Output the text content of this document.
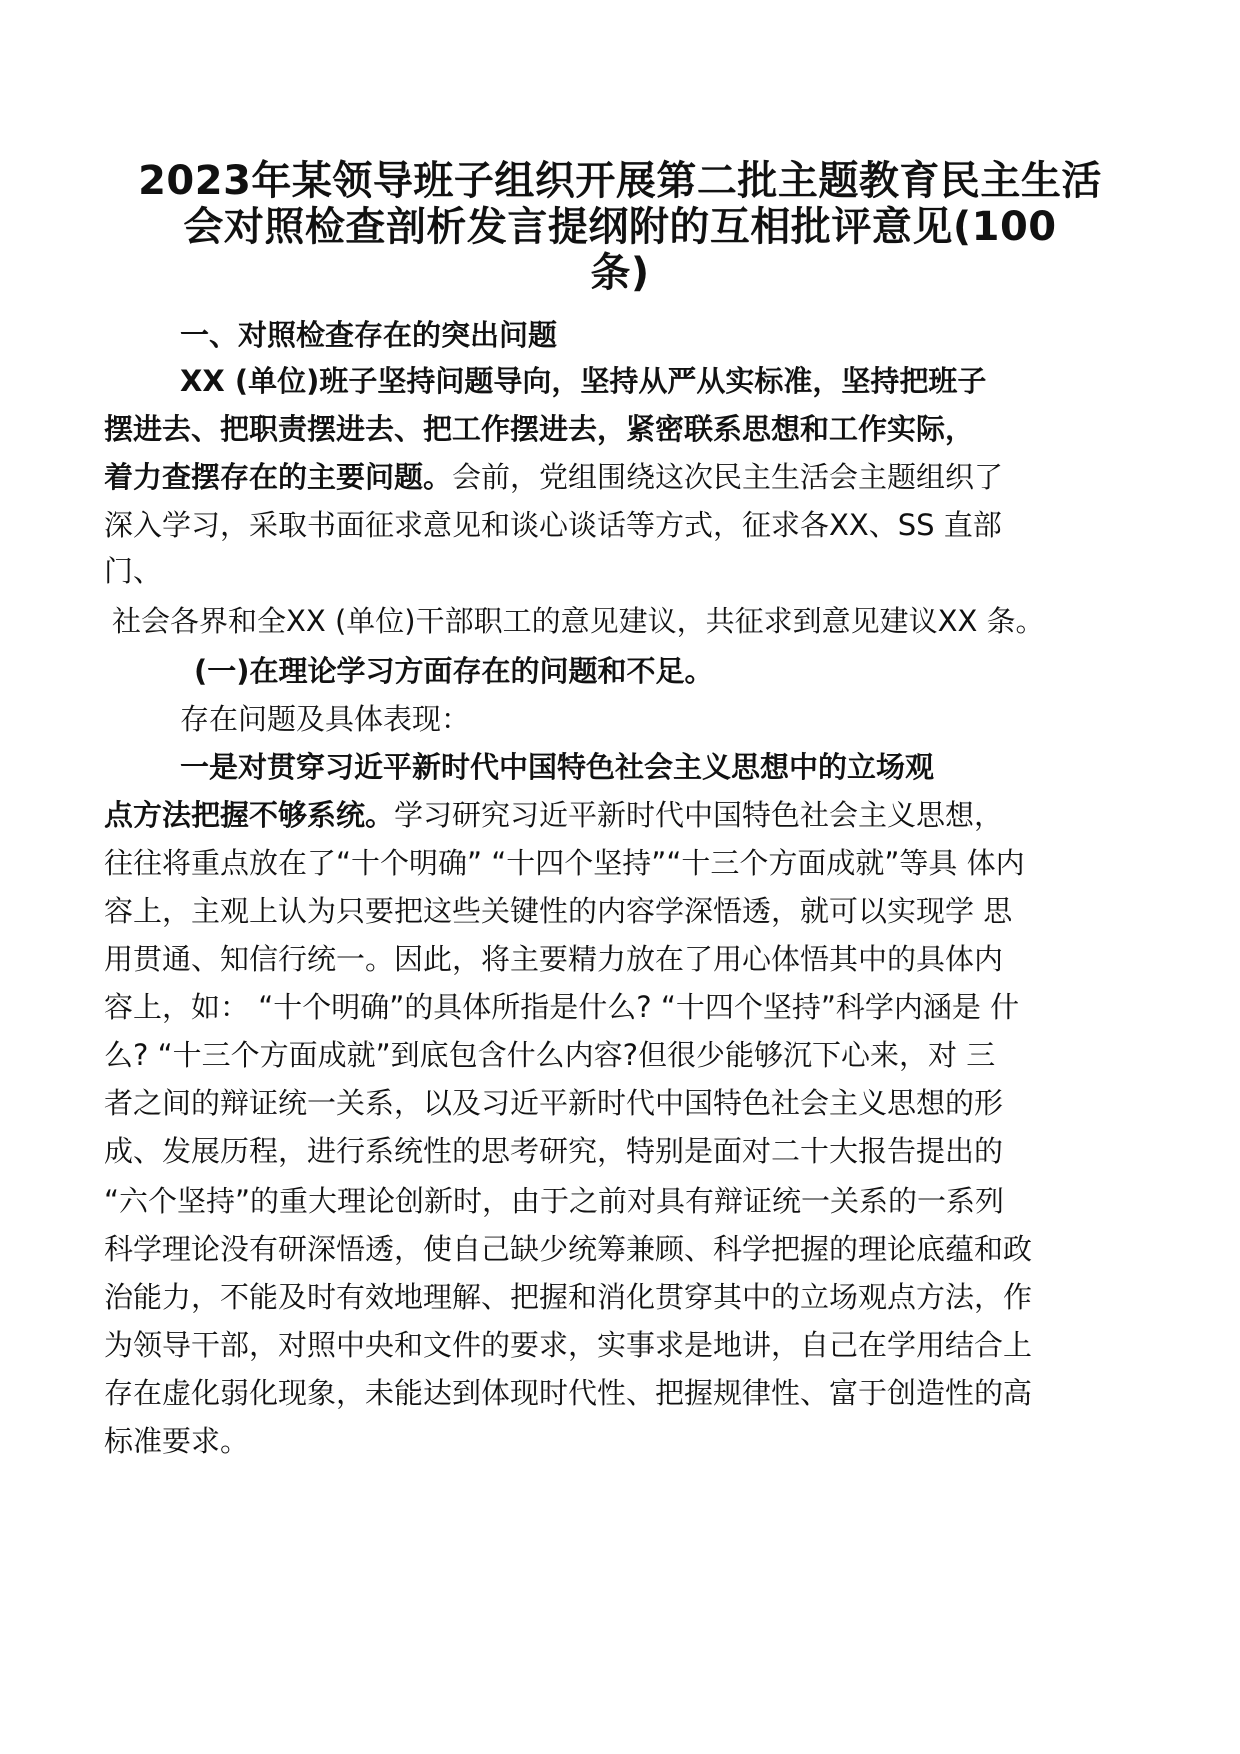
2023年某领导班子组织开展第二批主题教育民主生活
会对照检查剖析发言提纲附的互相批评意见(100
条)

一、对照检查存在的突出问题

XX (单位)班子坚持问题导向，坚持从严从实标准，坚持把班子

摆进去、把职责摆进去、把工作摆进去，紧密联系思想和工作实际，

着力查摆存在的主要问题。会前，党组围绕这次民主生活会主题组织了

深入学习，采取书面征求意见和谈心谈话等方式，征求各XX、SS 直部

门、

社会各界和全XX (单位)干部职工的意见建议，共征求到意见建议XX 条。

(一)在理论学习方面存在的问题和不足。

存在问题及具体表现：

一是对贯穿习近平新时代中国特色社会主义思想中的立场观

点方法把握不够系统。学习研究习近平新时代中国特色社会主义思想，

往往将重点放在了“十个明确” “十四个坚持”“十三个方面成就”等具 体内

容上，主观上认为只要把这些关键性的内容学深悟透，就可以实现学 思

用贯通、知信行统一。因此，将主要精力放在了用心体悟其中的具体内

容上，如： “十个明确”的具体所指是什么? “十四个坚持”科学内涵是 什

么? “十三个方面成就”到底包含什么内容?但很少能够沉下心来，对 三

者之间的辩证统一关系，以及习近平新时代中国特色社会主义思想的形

成、发展历程，进行系统性的思考研究，特别是面对二十大报告提出的

“六个坚持”的重大理论创新时，由于之前对具有辩证统一关系的一系列

科学理论没有研深悟透，使自己缺少统筹兼顾、科学把握的理论底蕴和政

治能力，不能及时有效地理解、把握和消化贯穿其中的立场观点方法，作

为领导干部，对照中央和文件的要求，实事求是地讲，自己在学用结合上

存在虚化弱化现象，未能达到体现时代性、把握规律性、富于创造性的高

标准要求。
